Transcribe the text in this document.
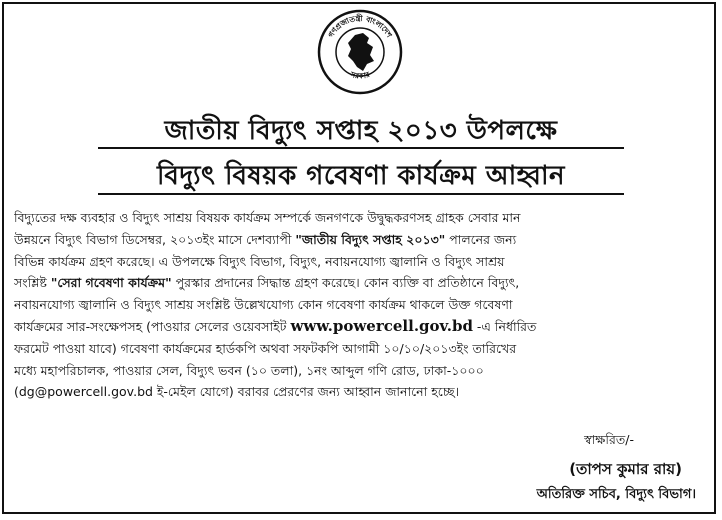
গণপ্রজাতন্ত্রী বাংলাদেশ
সরকার
জাতীয় বিদ্যুৎ সপ্তাহ ২০১৩ উপলক্ষে
বিদ্যুৎ বিষয়ক গবেষণা কার্যক্রম আহ্বান
বিদ্যুতের দক্ষ ব্যবহার ও বিদ্যুৎ সাশ্রয় বিষয়ক কার্যক্রম সম্পর্কে জনগণকে উদ্বুদ্ধকরণসহ গ্রাহক সেবার মান
উন্নয়নে বিদ্যুৎ বিভাগ ডিসেম্বর, ২০১৩ইং মাসে দেশব্যাপী "জাতীয় বিদ্যুৎ সপ্তাহ ২০১৩" পালনের জন্য
বিভিন্ন কার্যক্রম গ্রহণ করেছে। এ উপলক্ষে বিদ্যুৎ বিভাগ, বিদ্যুৎ, নবায়নযোগ্য জ্বালানি ও বিদ্যুৎ সাশ্রয়
সংশ্লিষ্ট "সেরা গবেষণা কার্যক্রম" পুরস্কার প্রদানের সিদ্ধান্ত গ্রহণ করেছে। কোন ব্যক্তি বা প্রতিষ্ঠানে বিদ্যুৎ,
নবায়নযোগ্য জ্বালানি ও বিদ্যুৎ সাশ্রয় সংশ্লিষ্ট উল্লেখযোগ্য কোন গবেষণা কার্যক্রম থাকলে উক্ত গবেষণা
কার্যক্রমের সার-সংক্ষেপসহ (পাওয়ার সেলের ওয়েবসাইট www.powercell.gov.bd -এ নির্ধারিত
ফরমেট পাওয়া যাবে) গবেষণা কার্যক্রমের হার্ডকপি অথবা সফটকপি আগামী ১০/১০/২০১৩ইং তারিখের
মধ্যে মহাপরিচালক, পাওয়ার সেল, বিদ্যুৎ ভবন (১০ তলা), ১নং আব্দুল গণি রোড, ঢাকা-১০০০
(dg@powercell.gov.bd ই-মেইল যোগে) বরাবর প্রেরণের জন্য আহ্বান জানানো হচ্ছে।
স্বাক্ষরিত/-
(তাপস কুমার রায়)
অতিরিক্ত সচিব, বিদ্যুৎ বিভাগ।
